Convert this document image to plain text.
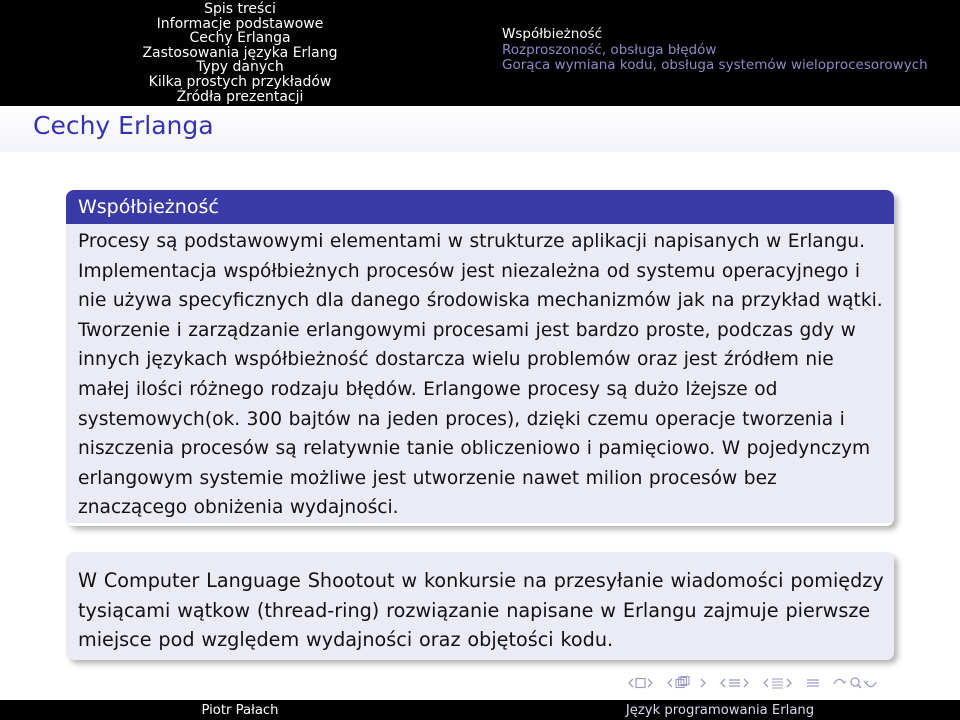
Spis treści
Informacje podstawowe
Cechy Erlanga
Zastosowania języka Erlang
Typy danych
Kilka prostych przykładów
Źródła prezentacji
Współbieżność
Rozproszoność, obsługa błędów
Gorąca wymiana kodu, obsługa systemów wieloprocesorowych
Cechy Erlanga
Współbieżność
Procesy są podstawowymi elementami w strukturze aplikacji napisanych w Erlangu. Implementacja współbieżnych procesów jest niezależna od systemu operacyjnego i nie używa specyficznych dla danego środowiska mechanizmów jak na przykład wątki. Tworzenie i zarządzanie erlangowymi procesami jest bardzo proste, podczas gdy w innych językach współbieżność dostarcza wielu problemów oraz jest źródłem nie małej ilości różnego rodzaju błędów. Erlangowe procesy są dużo lżejsze od systemowych(ok. 300 bajtów na jeden proces), dzięki czemu operacje tworzenia i niszczenia procesów są relatywnie tanie obliczeniowo i pamięciowo. W pojedynczym erlangowym systemie możliwe jest utworzenie nawet milion procesów bez znaczącego obniżenia wydajności.
W Computer Language Shootout w konkursie na przesyłanie wiadomości pomiędzy tysiącami wątkow (thread-ring) rozwiązanie napisane w Erlangu zajmuje pierwsze miejsce pod względem wydajności oraz objętości kodu.
Piotr Pałach	Język programowania Erlang
